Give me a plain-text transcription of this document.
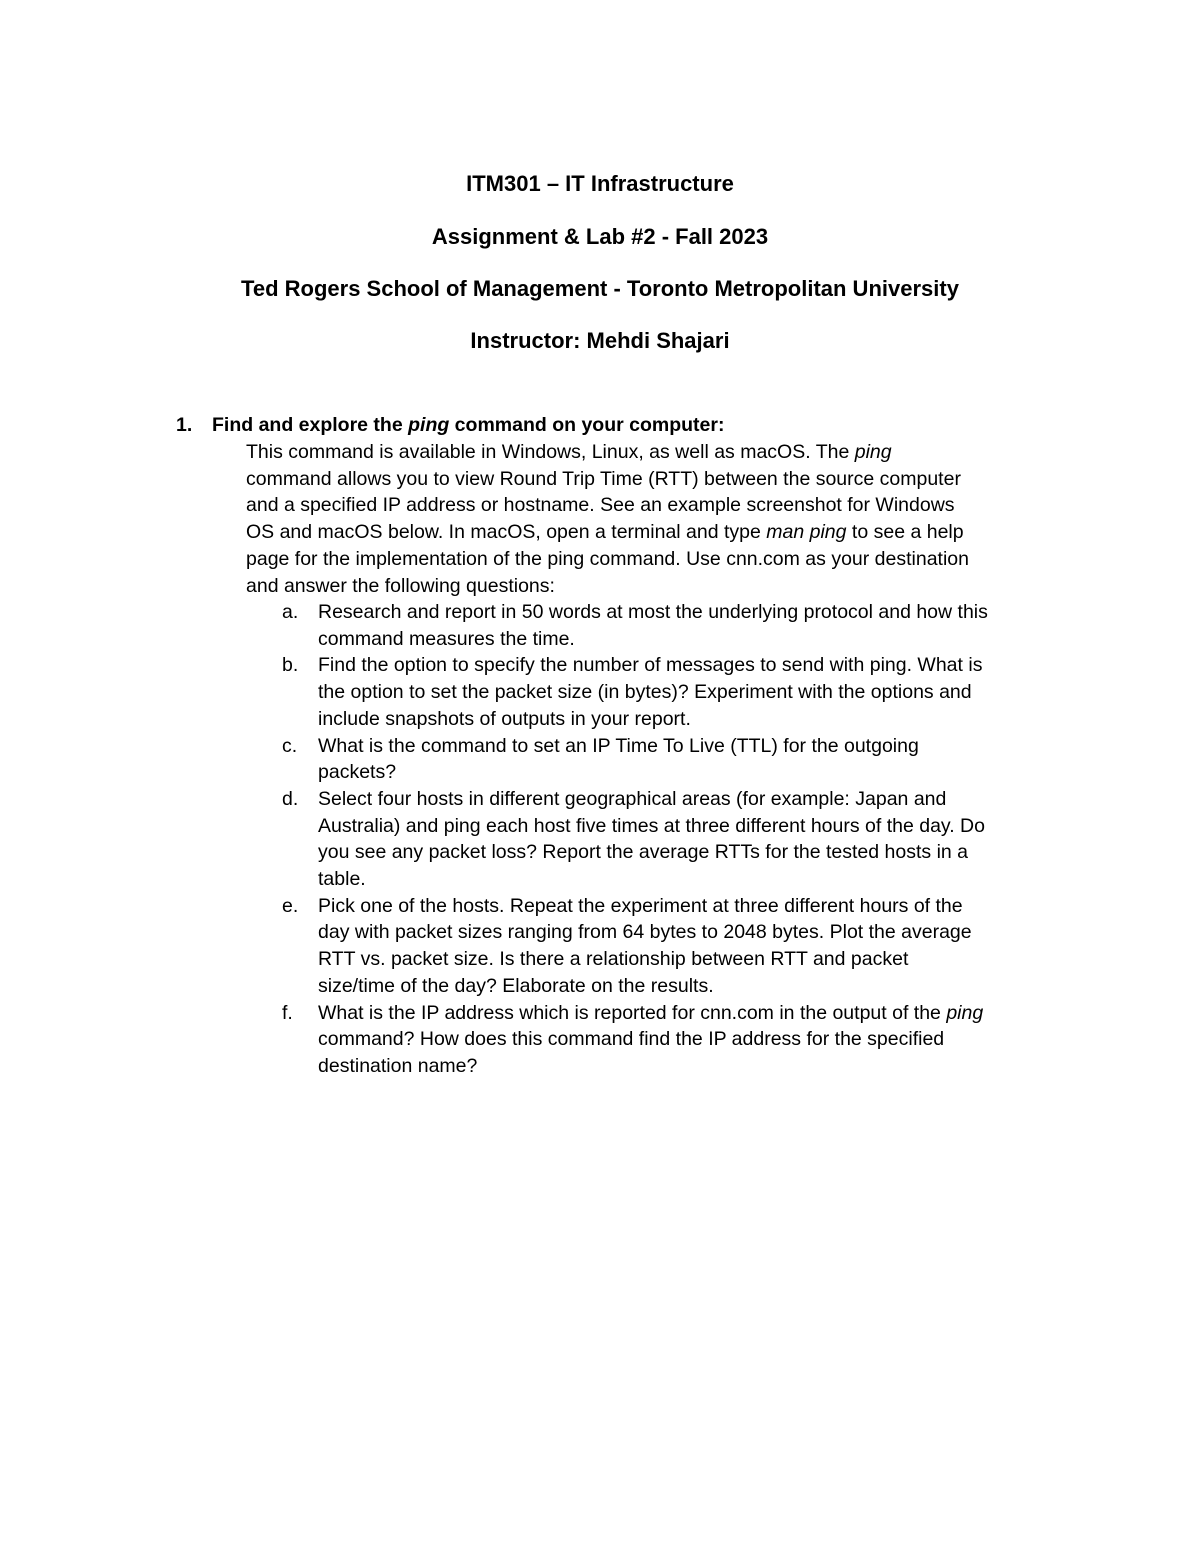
ITM301 – IT Infrastructure
Assignment & Lab #2 - Fall 2023
Ted Rogers School of Management - Toronto Metropolitan University
Instructor: Mehdi Shajari
1. Find and explore the ping command on your computer:
This command is available in Windows, Linux, as well as macOS. The ping
command allows you to view Round Trip Time (RTT) between the source computer
and a specified IP address or hostname. See an example screenshot for Windows
OS and macOS below. In macOS, open a terminal and type man ping to see a help
page for the implementation of the ping command. Use cnn.com as your destination
and answer the following questions:
a. Research and report in 50 words at most the underlying protocol and how this
command measures the time.
b. Find the option to specify the number of messages to send with ping. What is
the option to set the packet size (in bytes)? Experiment with the options and
include snapshots of outputs in your report.
c. What is the command to set an IP Time To Live (TTL) for the outgoing
packets?
d. Select four hosts in different geographical areas (for example: Japan and
Australia) and ping each host five times at three different hours of the day. Do
you see any packet loss? Report the average RTTs for the tested hosts in a
table.
e. Pick one of the hosts. Repeat the experiment at three different hours of the
day with packet sizes ranging from 64 bytes to 2048 bytes. Plot the average
RTT vs. packet size. Is there a relationship between RTT and packet
size/time of the day? Elaborate on the results.
f. What is the IP address which is reported for cnn.com in the output of the ping
command? How does this command find the IP address for the specified
destination name?
